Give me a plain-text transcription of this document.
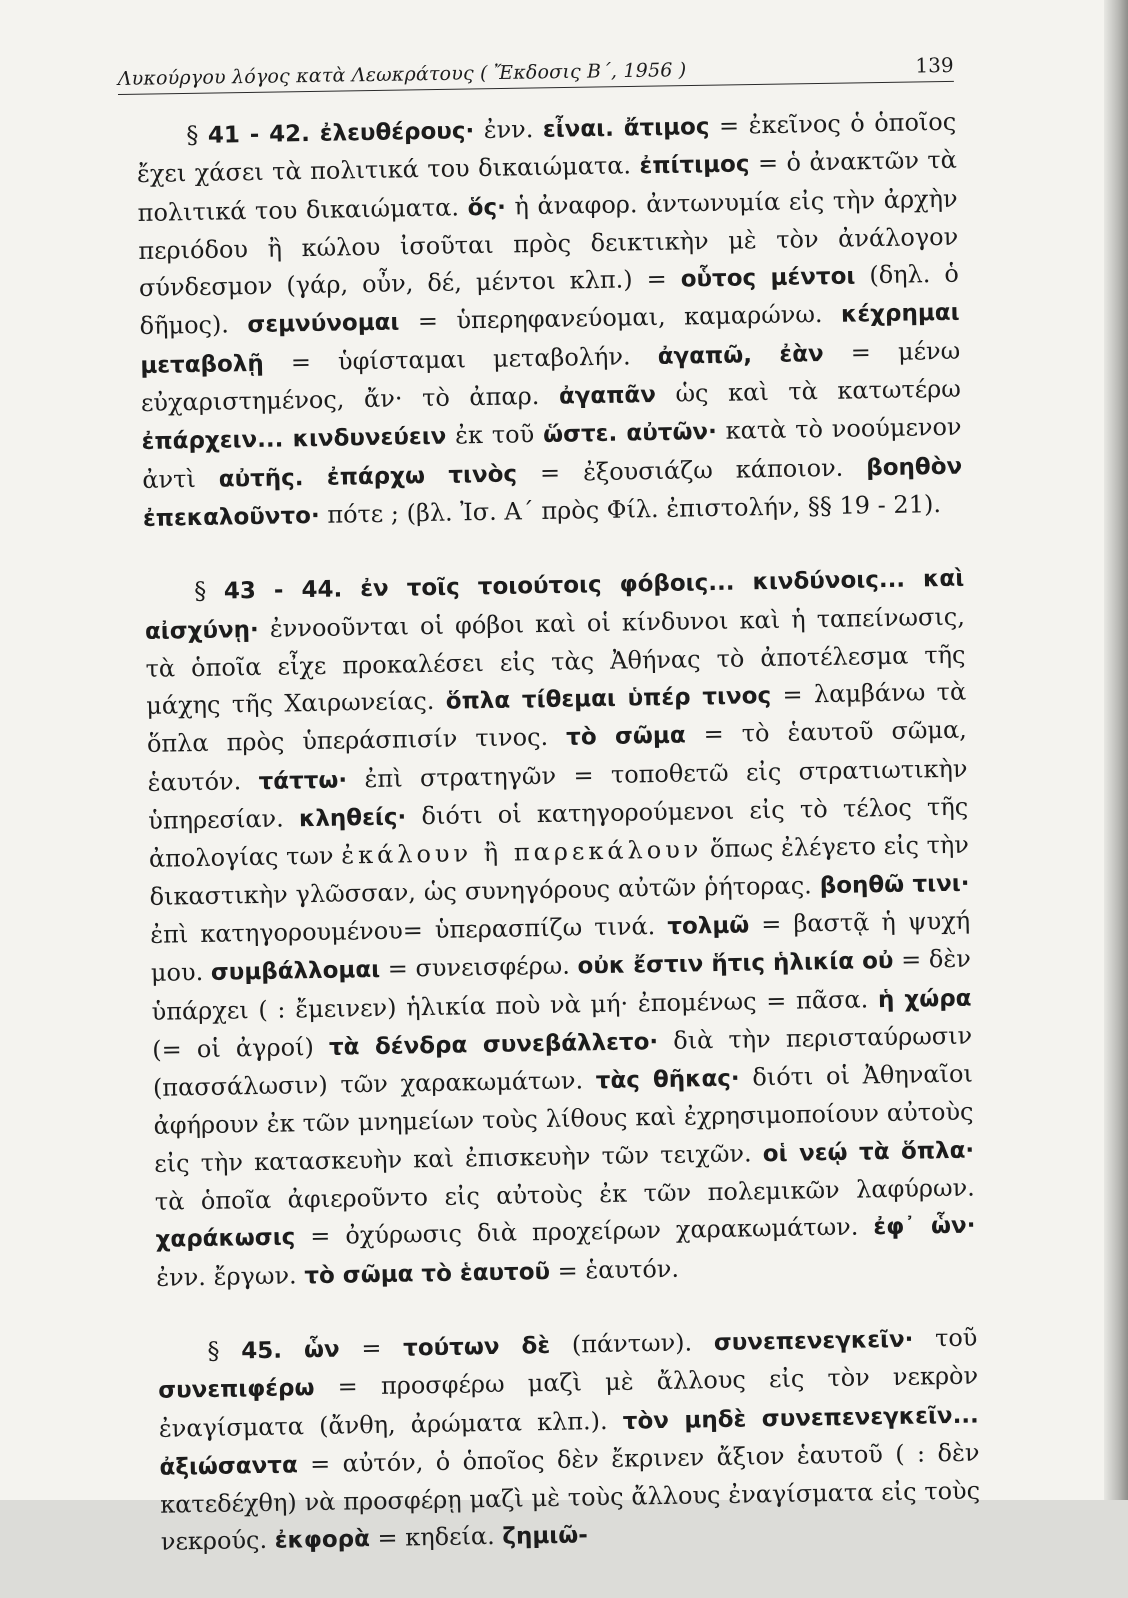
Λυκούργου λόγος κατὰ Λεωκράτους ( Ἔκδοσις Β΄, 1956 )	139

§ 41 - 42. ἐλευθέρους· ἐνν. εἶναι. ἄτιμος = ἐκεῖνος ὁ ὁποῖος ἔχει χάσει τὰ πολιτικά του δικαιώματα. ἐπίτιμος = ὁ ἀνακτῶν τὰ πολιτικά του δικαιώματα. ὅς· ἡ ἀναφορ. ἀντωνυμία εἰς τὴν ἀρχὴν περιόδου ἢ κώλου ἰσοῦται πρὸς δεικτικὴν μὲ τὸν ἀνάλογον σύνδεσμον (γάρ, οὖν, δέ, μέντοι κλπ.) = οὗτος μέντοι (δηλ. ὁ δῆμος). σεμνύνομαι = ὑπερηφανεύομαι, καμαρώνω. κέχρημαι μεταβολῇ = ὑφίσταμαι μεταβολήν. ἀγαπῶ, ἐὰν = μένω εὐχαριστημένος, ἄν· τὸ ἀπαρ. ἀγαπᾶν ὡς καὶ τὰ κατωτέρω ἐπάρχειν... κινδυνεύειν ἐκ τοῦ ὥστε. αὐτῶν· κατὰ τὸ νοούμενον ἀντὶ αὐτῆς. ἐπάρχω τινὸς = ἐξουσιάζω κάποιον. βοηθὸν ἐπεκαλοῦντο· πότε ; (βλ. Ἰσ. Α΄ πρὸς Φίλ. ἐπιστολήν, §§ 19 - 21).

§ 43 - 44. ἐν τοῖς τοιούτοις φόβοις... κινδύνοις... καὶ αἰσχύνῃ· ἐννοοῦνται οἱ φόβοι καὶ οἱ κίνδυνοι καὶ ἡ ταπείνωσις, τὰ ὁποῖα εἶχε προκαλέσει εἰς τὰς Ἀθήνας τὸ ἀποτέλεσμα τῆς μάχης τῆς Χαιρωνείας. ὅπλα τίθεμαι ὑπέρ τινος = λαμβάνω τὰ ὅπλα πρὸς ὑπεράσπισίν τινος. τὸ σῶμα = τὸ ἑαυτοῦ σῶμα, ἑαυτόν. τάττω· ἐπὶ στρατηγῶν = τοποθετῶ εἰς στρατιωτικὴν ὑπηρεσίαν. κληθείς· διότι οἱ κατηγορούμενοι εἰς τὸ τέλος τῆς ἀπολογίας των ἐκάλουν ἢ παρεκάλουν ὅπως ἐλέγετο εἰς τὴν δικαστικὴν γλῶσσαν, ὡς συνηγόρους αὐτῶν ῥήτορας. βοηθῶ τινι· ἐπὶ κατηγορουμένου= ὑπερασπίζω τινά. τολμῶ = βαστᾷ ἡ ψυχή μου. συμβάλλομαι = συνεισφέρω. οὐκ ἔστιν ἥτις ἡλικία οὐ = δὲν ὑπάρχει ( : ἔμεινεν) ἡλικία ποὺ νὰ μή· ἐπομένως = πᾶσα. ἡ χώρα (= οἱ ἀγροί) τὰ δένδρα συνεβάλλετο· διὰ τὴν περισταύρωσιν (πασσάλωσιν) τῶν χαρακωμάτων. τὰς θῆκας· διότι οἱ Ἀθηναῖοι ἀφήρουν ἐκ τῶν μνημείων τοὺς λίθους καὶ ἐχρησιμοποίουν αὐτοὺς εἰς τὴν κατασκευὴν καὶ ἐπισκευὴν τῶν τειχῶν. οἱ νεῴ τὰ ὅπλα· τὰ ὁποῖα ἀφιεροῦντο εἰς αὐτοὺς ἐκ τῶν πολεμικῶν λαφύρων. χαράκωσις = ὀχύρωσις διὰ προχείρων χαρακωμάτων. ἐφ᾽ ὧν· ἐνν. ἔργων. τὸ σῶμα τὸ ἑαυτοῦ = ἑαυτόν.

§ 45. ὧν = τούτων δὲ (πάντων). συνεπενεγκεῖν· τοῦ συνεπιφέρω = προσφέρω μαζὶ μὲ ἄλλους εἰς τὸν νεκρὸν ἐναγίσματα (ἄνθη, ἀρώματα κλπ.). τὸν μηδὲ συνεπενεγκεῖν... ἀξιώσαντα = αὐτόν, ὁ ὁποῖος δὲν ἔκρινεν ἄξιον ἑαυτοῦ ( : δὲν κατεδέχθη) νὰ προσφέρῃ μαζὶ μὲ τοὺς ἄλλους ἐναγίσματα εἰς τοὺς νεκρούς. ἐκφορὰ = κηδεία. ζημιῶ-
